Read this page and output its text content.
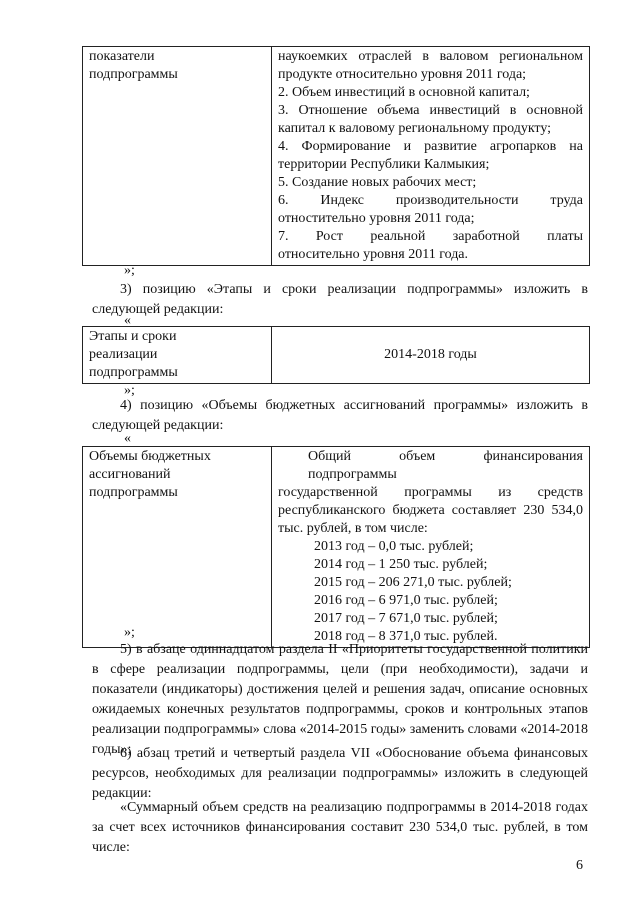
показатели
подпрограммы

наукоемких отраслей в валовом региональном
продукте относительно уровня 2011 года;
2. Объем инвестиций в основной капитал;
3. Отношение объема инвестиций в основной
капитал к валовому региональному продукту;
4. Формирование и развитие агропарков на
территории Республики Калмыкия;
5. Создание новых рабочих мест;
6. Индекс производительности труда
отностительно уровня 2011 года;
7. Рост реальной заработной платы
относительно уровня 2011 года.
»;
3) позицию «Этапы и сроки реализации подпрограммы» изложить в следующей редакции:
«
Этапы и сроки
реализации
подпрограммы
	2014-2018 годы
»;
4) позицию «Объемы бюджетных ассигнований программы» изложить в следующей редакции:
«
Объемы бюджетных
ассигнований
подпрограммы

Общий объем финансирования подпрограммы
государственной программы из средств
республиканского бюджета составляет 230 534,0
тыс. рублей, в том числе:
2013 год – 0,0 тыс. рублей;
2014 год – 1 250 тыс. рублей;
2015 год – 206 271,0 тыс. рублей;
2016 год – 6 971,0 тыс. рублей;
2017 год – 7 671,0 тыс. рублей;
2018 год – 8 371,0 тыс. рублей.
»;
5) в абзаце одиннадцатом раздела II «Приоритеты государственной политики в сфере реализации подпрограммы, цели (при необходимости), задачи и показатели (индикаторы) достижения целей и решения задач, описание основных ожидаемых конечных результатов подпрограммы, сроков и контрольных этапов реализации подпрограммы» слова «2014-2015 годы» заменить словами «2014-2018 годы»;
6) абзац третий и четвертый раздела VII «Обоснование объема финансовых ресурсов, необходимых для реализации подпрограммы» изложить в следующей редакции:
«Суммарный объем средств на реализацию подпрограммы в 2014-2018 годах за счет всех источников финансирования составит 230 534,0 тыс. рублей, в том числе:
6
